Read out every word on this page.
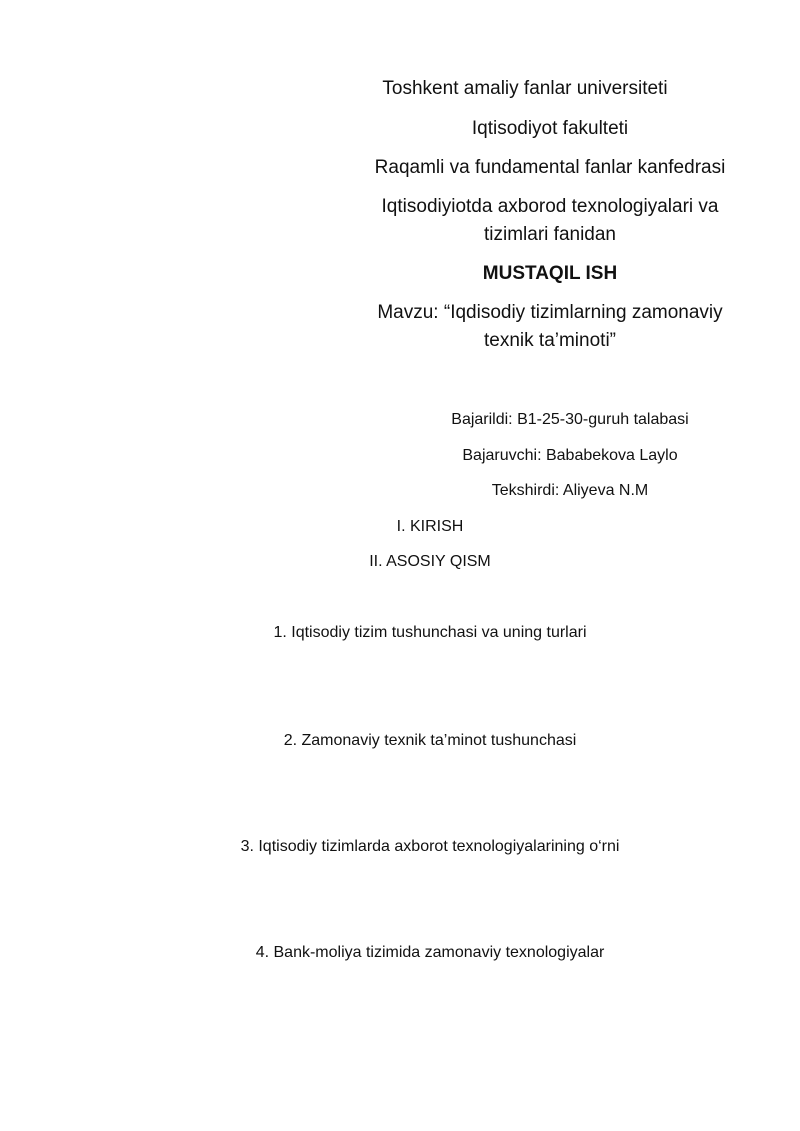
Toshkent amaliy fanlar universiteti
Iqtisodiyot fakulteti
Raqamli va fundamental fanlar kanfedrasi
Iqtisodiyiotda axborod texnologiyalari va
tizimlari fanidan
MUSTAQIL ISH
Mavzu: “Iqdisodiy tizimlarning zamonaviy
texnik ta’minoti”
Bajarildi: B1-25-30-guruh talabasi
Bajaruvchi: Bababekova Laylo
Tekshirdi: Aliyeva N.M
I. KIRISH
II. ASOSIY QISM
1. Iqtisodiy tizim tushunchasi va uning turlari
2. Zamonaviy texnik ta’minot tushunchasi
3. Iqtisodiy tizimlarda axborot texnologiyalarining o‘rni
4. Bank-moliya tizimida zamonaviy texnologiyalar
